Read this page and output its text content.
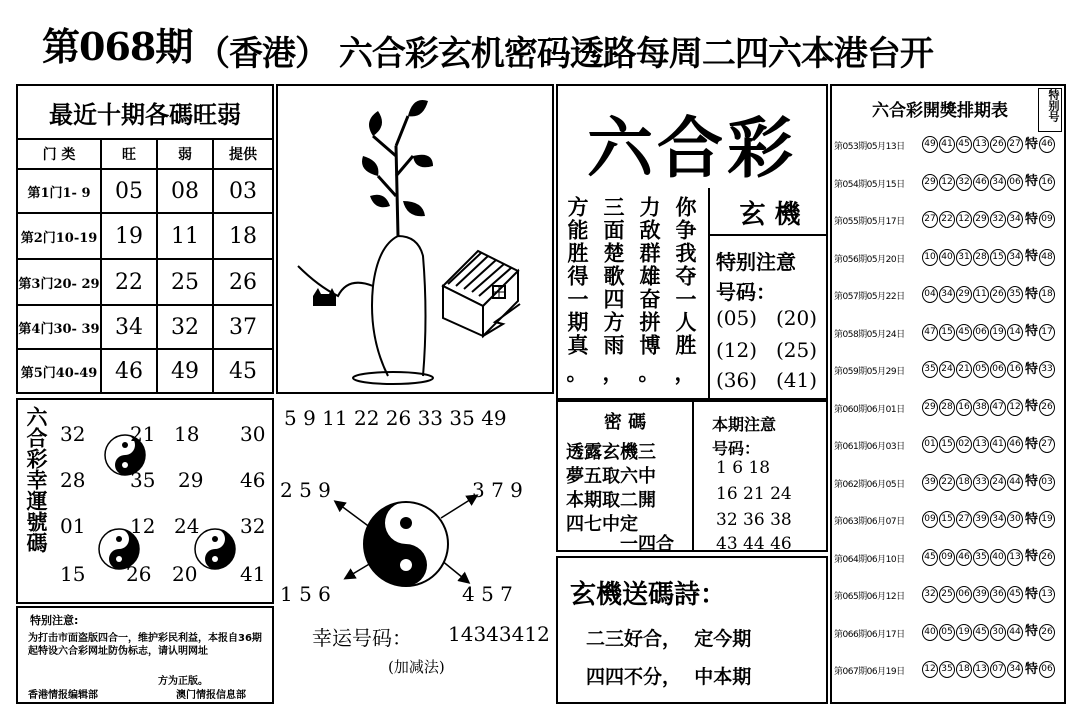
第068期 （香港） 六合彩玄机密码透路每周二四六本港台开
最近十期各碼旺弱
门 类	旺	弱	提供
第1门1- 9	05	08	03
第2门10-19 19	11	18
第3门20- 29 22	25	26
第4门30- 39 34	32	37
第5门40-49 46	49	45
六合彩
你争我夺一人胜
，
力敌群雄奋拼博
。
三面楚歌四方雨
，
方能胜得一期真
。
玄 機
特别注意
号码：
(05) (20)
(12) (25)
(36) (41)
六合彩幸運號碼 32 21 18 30
28 35 29 46
01 12 24 32
15 26 20 41
特别注意:
为打击市面盗版四合一，维护彩民利益，本报自36期起特设六合彩网址防伪标志，请认明网址
方为正版。
香港情报编辑部	澳门情报信息部
5 9 11 22 26 33 35 49
2 5 9	3 7 9
1 5 6	4 5 7
幸运号码： 14343412
(加减法)
密 碼
透露玄機三
夢五取六中
本期取二開
四七中定
一四合
本期注意
号码：
1 6 18
16 21 24
32 36 38
43 44 46
玄機送碼詩：
二三好合，  定今期
四四不分，  中本期
六合彩開獎排期表	特别号
第053期05月13日 49 41 45 13 26 27 特 46
第054期05月15日 29 12 32 46 34 06 特 16
第055期05月17日 27 22 12 29 32 34 特 09
第056期05月20日 10 40 31 28 15 34 特 48
第057期05月22日 04 34 29 11 26 35 特 18
第058期05月24日 47 15 45 06 19 14 特 17
第059期05月29日 35 24 21 05 06 16 特 33
第060期06月01日 29 28 16 38 47 12 特 26
第061期06月03日 01 15 02 13 41 46 特 27
第062期06月05日 39 22 18 33 24 44 特 03
第063期06月07日 09 15 27 39 34 30 特 19
第064期06月10日 45 09 46 35 40 13 特 26
第065期06月12日 32 25 06 39 36 45 特 13
第066期06月17日 40 05 19 45 30 44 特 26
第067期06月19日 12 35 18 13 07 34 特 06
